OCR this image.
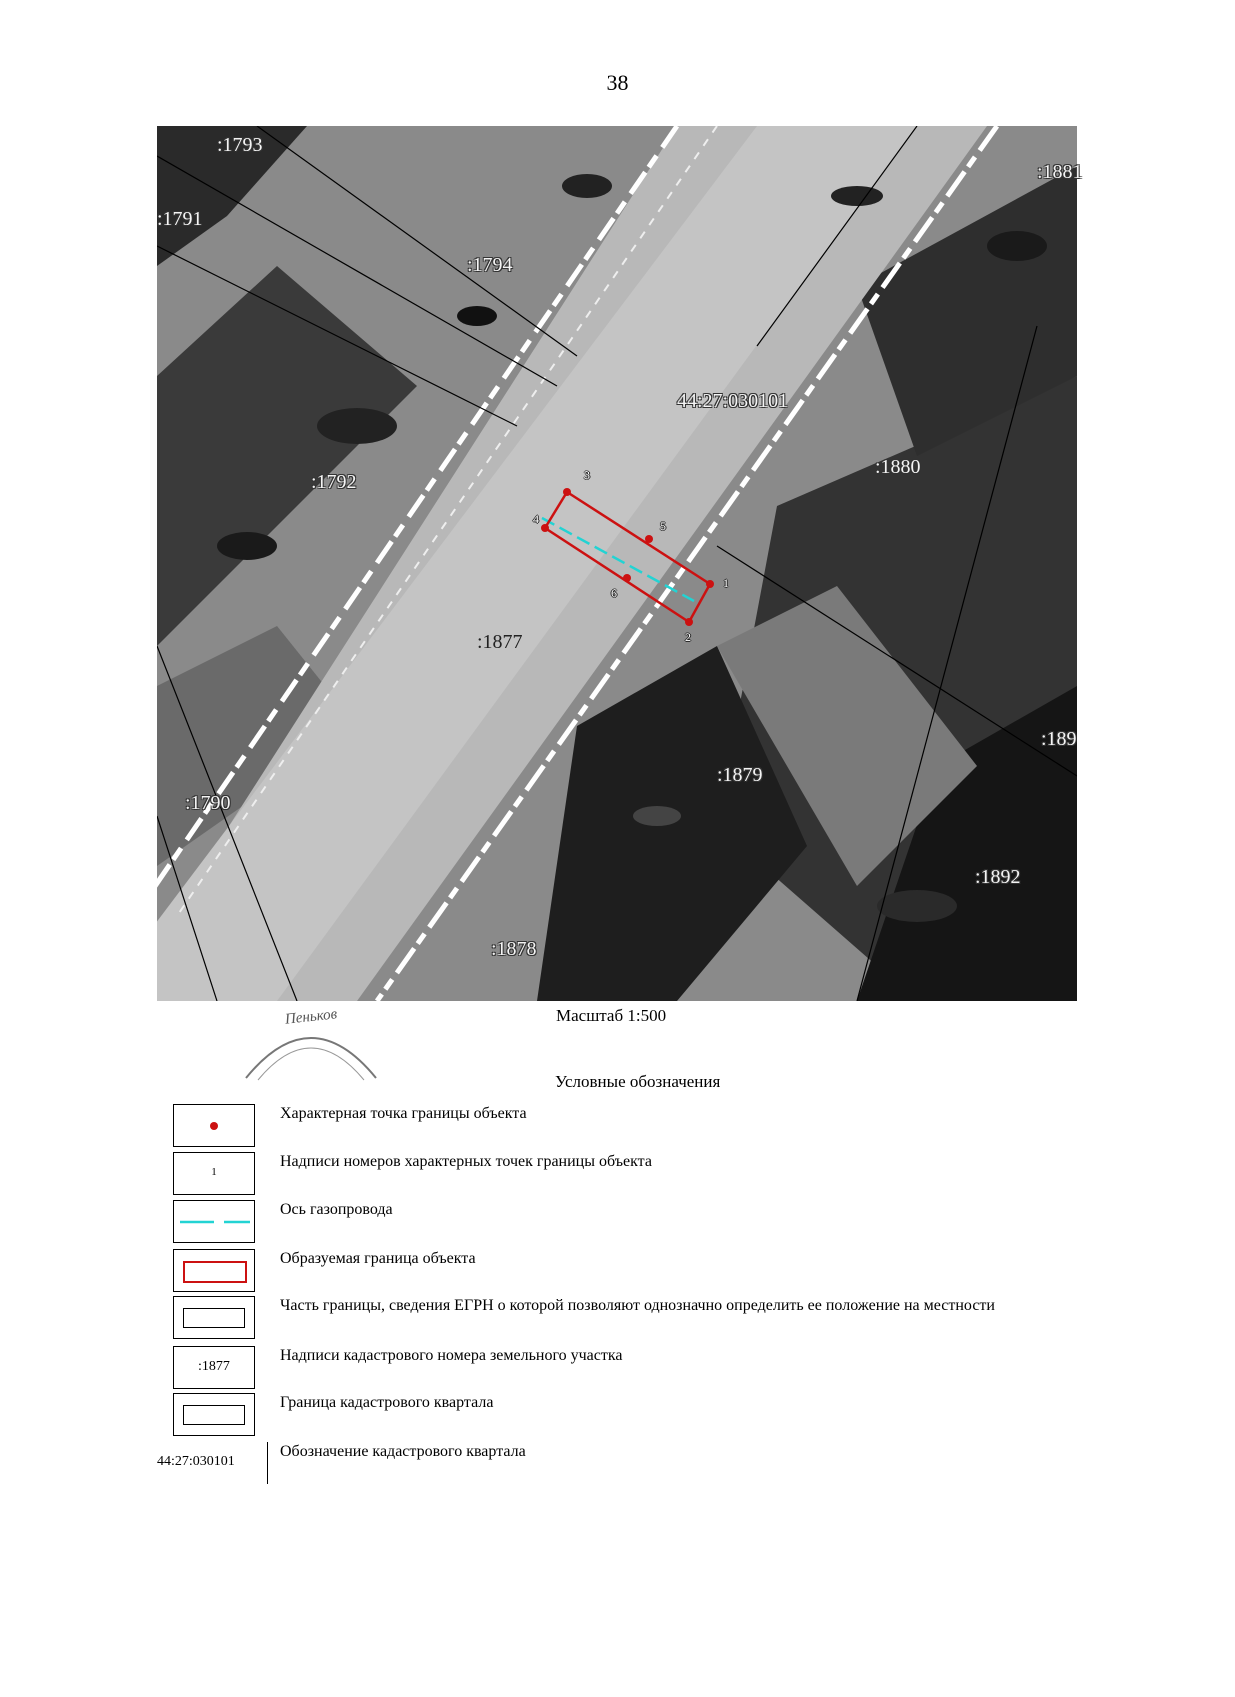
38
:1793
:1881
:1791
:1794
44:27:030101
:1792
:1880
:1877
:189
:1879
:1790
:1892
:1878
3
4	5
6
1
2
Пеньков	Масштаб 1:500
Условные обозначения
Характерная точка границы объекта
1
Надписи номеров характерных точек границы объекта
Ось газопровода
Образуемая граница объекта
Часть границы, сведения ЕГРН о которой позволяют однозначно определить ее положение на местности
:1877
Надписи кадастрового номера земельного участка
Граница кадастрового квартала
44:27:030101
Обозначение кадастрового квартала
